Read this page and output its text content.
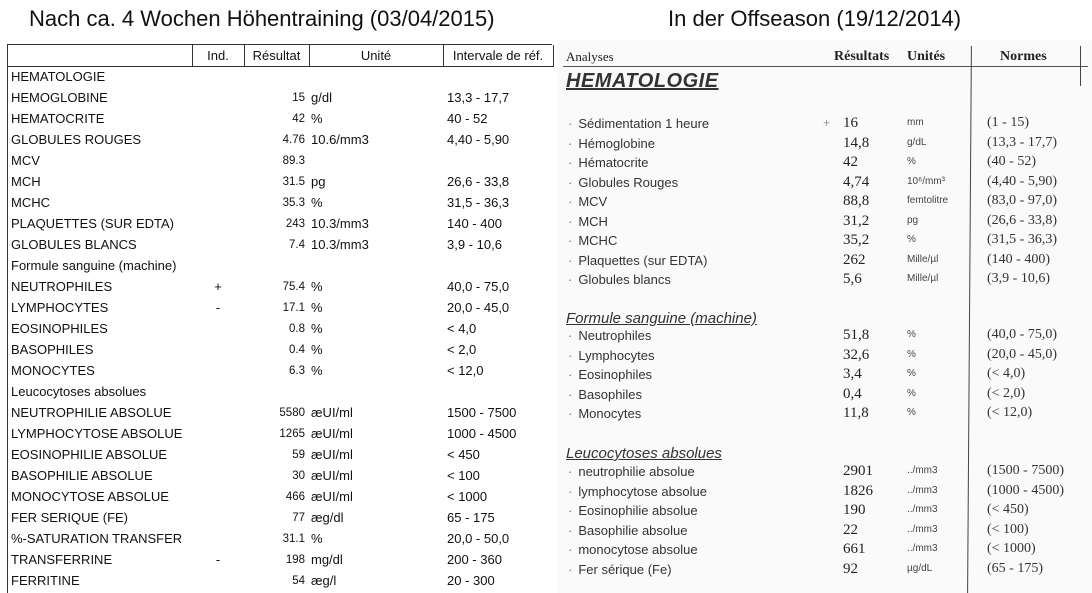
Nach ca. 4 Wochen Höhentraining (03/04/2015)	In der Offseason (19/12/2014)
	Ind.	Résultat	Unité	Intervale de réf.
HEMATOLOGIE				
HEMOGLOBINE		15	g/dl	13,3 - 17,7
HEMATOCRITE		42	%	40 - 52
GLOBULES ROUGES		4.76	10.6/mm3	4,40 - 5,90
MCV		89.3		
MCH		31.5	pg	26,6 - 33,8
MCHC		35.3	%	31,5 - 36,3
PLAQUETTES (SUR EDTA)		243	10.3/mm3	140 - 400
GLOBULES BLANCS		7.4	10.3/mm3	3,9 - 10,6
Formule sanguine (machine)				
NEUTROPHILES	+	75.4	%	40,0 - 75,0
LYMPHOCYTES	-	17.1	%	20,0 - 45,0
EOSINOPHILES		0.8	%	< 4,0
BASOPHILES		0.4	%	< 2,0
MONOCYTES		6.3	%	< 12,0
Leucocytoses absolues				
NEUTROPHILIE ABSOLUE		5580	æUI/ml	1500 - 7500
LYMPHOCYTOSE ABSOLUE		1265	æUI/ml	1000 - 4500
EOSINOPHILIE ABSOLUE		59	æUI/ml	< 450
BASOPHILIE ABSOLUE		30	æUI/ml	< 100
MONOCYTOSE ABSOLUE		466	æUI/ml	< 1000
FER SERIQUE (FE)		77	æg/dl	65 - 175
%-SATURATION TRANSFER		31.1	%	20,0 - 50,0
TRANSFERRINE	-	198	mg/dl	200 - 360
FERRITINE		54	æg/l	20 - 300
Analyses	Résultats Unités	Normes
HEMATOLOGIE
Formule sanguine (machine)
Leucocytoses absolues
· Sédimentation 1 heure	+ 16	mm	(1 - 15)
· Hémoglobine	14,8	g/dL	(13,3 - 17,7)
· Hématocrite	42	%	(40 - 52)
· Globules Rouges	4,74	10⁶/mm³	(4,40 - 5,90)
· MCV	88,8	femtolitre	(83,0 - 97,0)
· MCH	31,2	pg	(26,6 - 33,8)
· MCHC	35,2	%	(31,5 - 36,3)
· Plaquettes (sur EDTA)	262	Mille/µl	(140 - 400)
· Globules blancs	5,6	Mille/µl	(3,9 - 10,6)
· Neutrophiles	51,8	%	(40,0 - 75,0)
· Lymphocytes	32,6	%	(20,0 - 45,0)
· Eosinophiles	3,4	%	(< 4,0)
· Basophiles	0,4	%	(< 2,0)
· Monocytes	11,8	%	(< 12,0)
· neutrophilie absolue	2901	../mm3	(1500 - 7500)
· lymphocytose absolue	1826	../mm3	(1000 - 4500)
· Eosinophilie absolue	190	../mm3	(< 450)
· Basophilie absolue	22	../mm3	(< 100)
· monocytose absolue	661	../mm3	(< 1000)
· Fer sérique (Fe)	92	µg/dL	(65 - 175)
